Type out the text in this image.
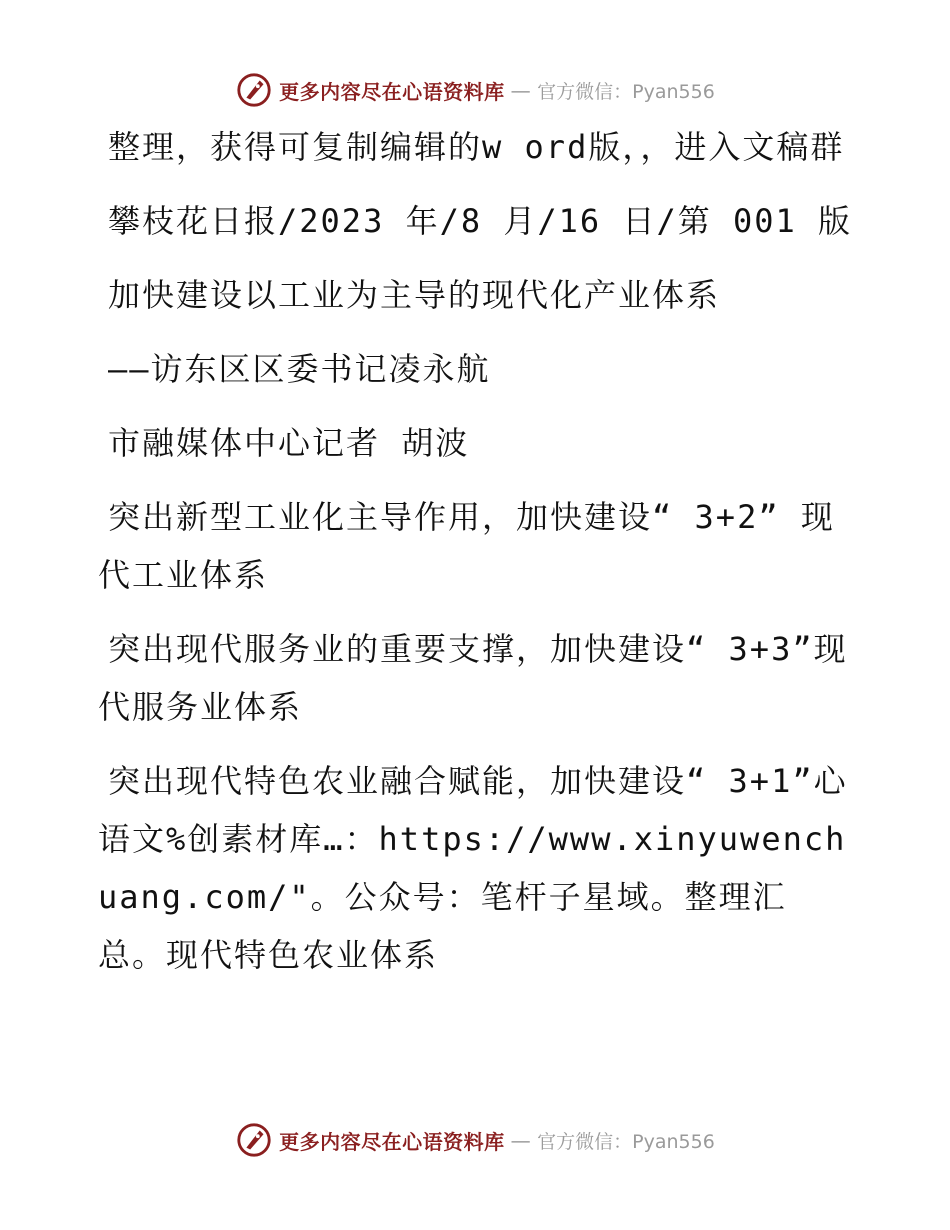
更多内容尽在心语资料库 — 官方微信：Pyan556

整理，获得可复制编辑的w ord版，，进入文稿群

攀枝花日报/2023 年/8 月/16 日/第 001 版

加快建设以工业为主导的现代化产业体系

——访东区区委书记凌永航

市融媒体中心记者 胡波

突出新型工业化主导作用，加快建设“ 3+2” 现代工业体系

突出现代服务业的重要支撑，加快建设“ 3+3”现代服务业体系

突出现代特色农业融合赋能，加快建设“ 3+1”心语文%创素材库…：https://www.xinyuwenchuang.com/"。公众号：笔杆子星域。整理汇总。现代特色农业体系

更多内容尽在心语资料库 — 官方微信：Pyan556
